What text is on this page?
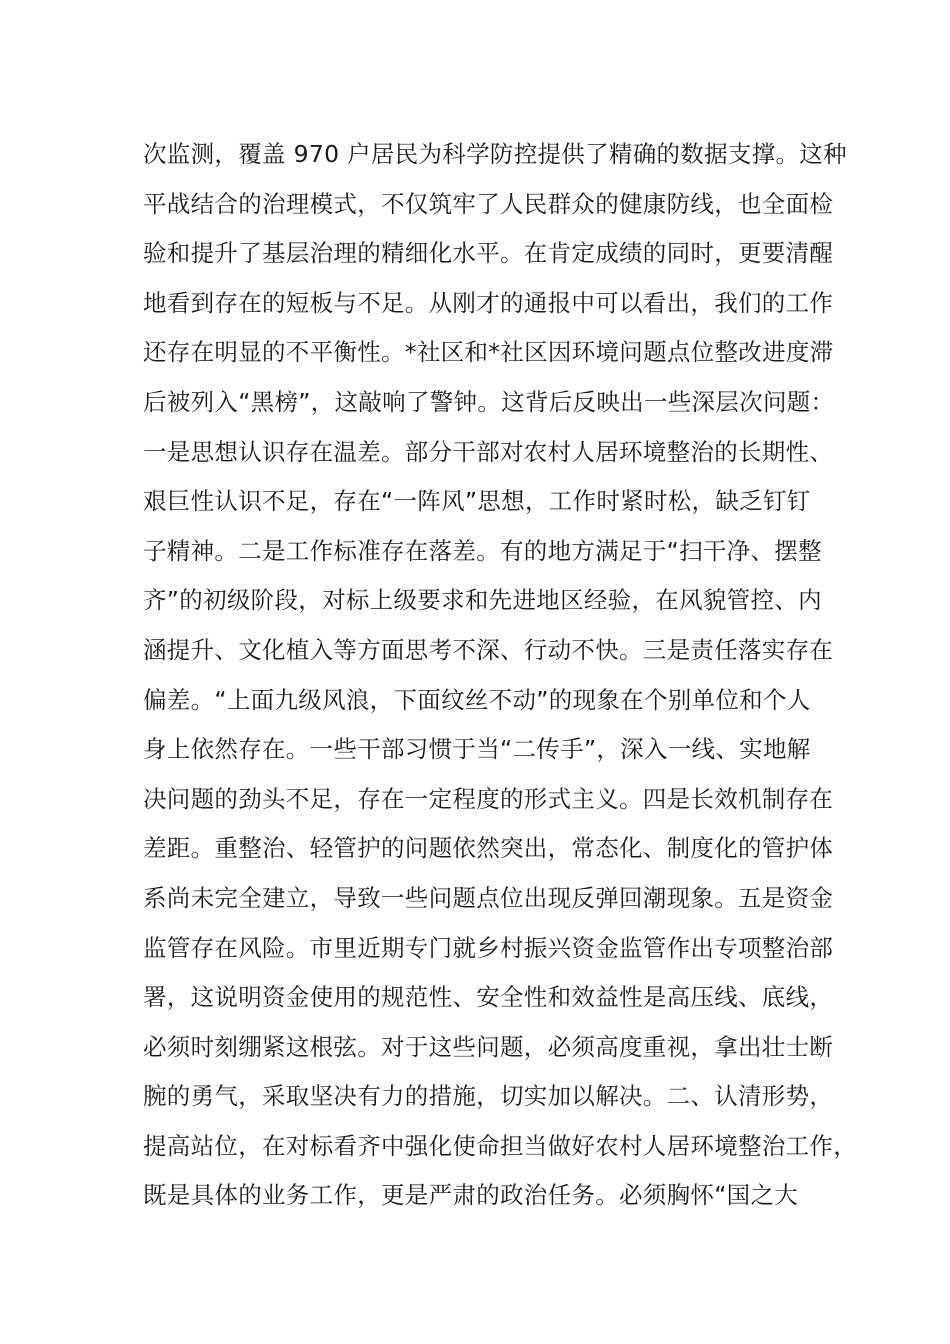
次监测，覆盖 970 户居民为科学防控提供了精确的数据支撑。这种
平战结合的治理模式，不仅筑牢了人民群众的健康防线，也全面检
验和提升了基层治理的精细化水平。在肯定成绩的同时，更要清醒
地看到存在的短板与不足。从刚才的通报中可以看出，我们的工作
还存在明显的不平衡性。*社区和*社区因环境问题点位整改进度滞
后被列入“黑榜”，这敲响了警钟。这背后反映出一些深层次问题：
一是思想认识存在温差。部分干部对农村人居环境整治的长期性、
艰巨性认识不足，存在“一阵风”思想，工作时紧时松，缺乏钉钉
子精神。二是工作标准存在落差。有的地方满足于“扫干净、摆整
齐”的初级阶段，对标上级要求和先进地区经验，在风貌管控、内
涵提升、文化植入等方面思考不深、行动不快。三是责任落实存在
偏差。“上面九级风浪，下面纹丝不动”的现象在个别单位和个人
身上依然存在。一些干部习惯于当“二传手”，深入一线、实地解
决问题的劲头不足，存在一定程度的形式主义。四是长效机制存在
差距。重整治、轻管护的问题依然突出，常态化、制度化的管护体
系尚未完全建立，导致一些问题点位出现反弹回潮现象。五是资金
监管存在风险。市里近期专门就乡村振兴资金监管作出专项整治部
署，这说明资金使用的规范性、安全性和效益性是高压线、底线，
必须时刻绷紧这根弦。对于这些问题，必须高度重视，拿出壮士断
腕的勇气，采取坚决有力的措施，切实加以解决。二、认清形势，
提高站位，在对标看齐中强化使命担当做好农村人居环境整治工作，
既是具体的业务工作，更是严肃的政治任务。必须胸怀“国之大
